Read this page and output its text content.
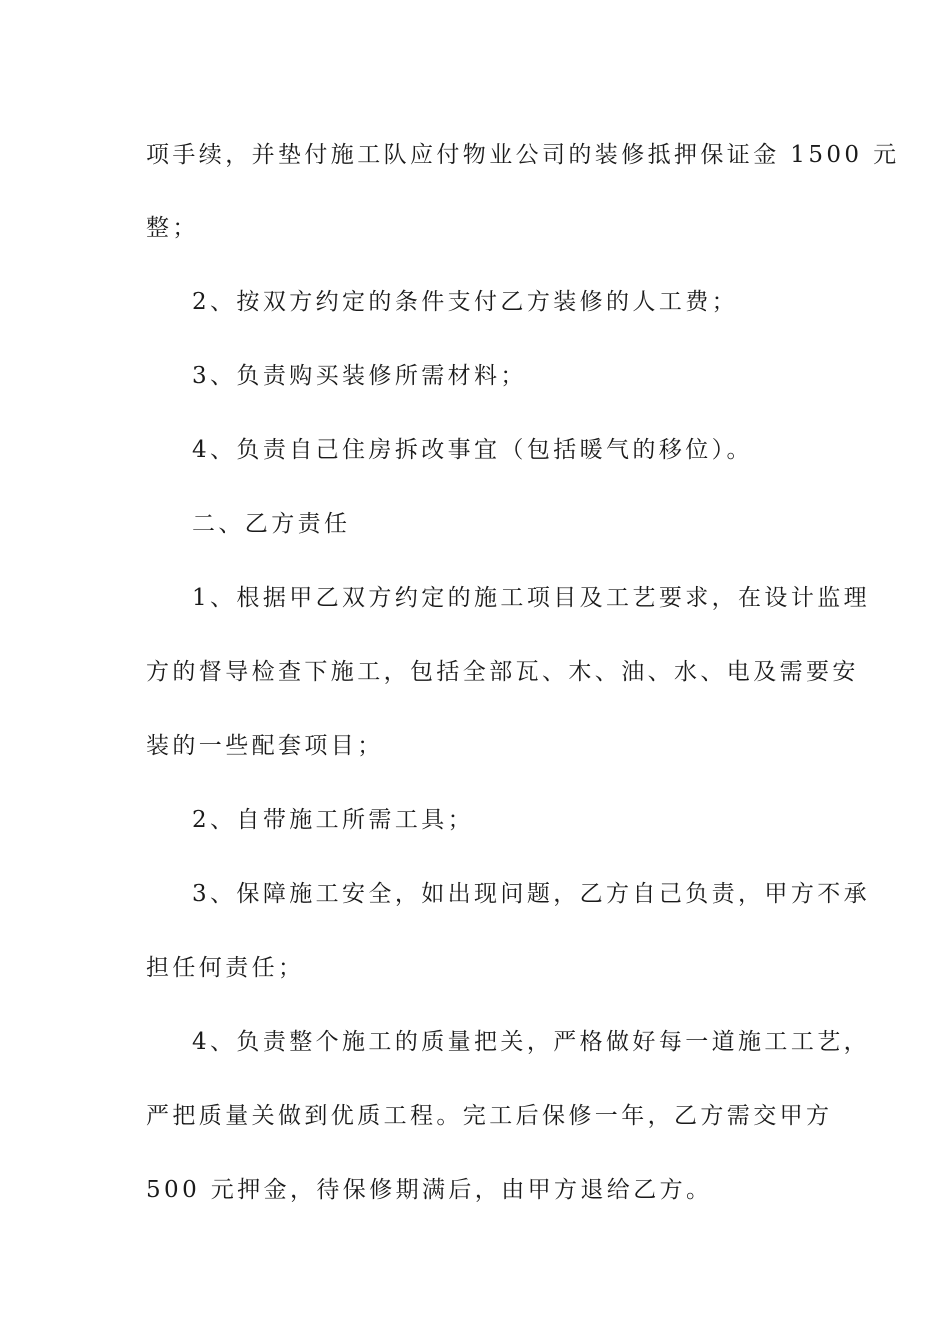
项手续，并垫付施工队应付物业公司的装修抵押保证金 1500 元
整；
2、按双方约定的条件支付乙方装修的人工费；
3、负责购买装修所需材料；
4、负责自己住房拆改事宜（包括暖气的移位）。
二、乙方责任
1、根据甲乙双方约定的施工项目及工艺要求，在设计监理
方的督导检查下施工，包括全部瓦、木、油、水、电及需要安
装的一些配套项目；
2、自带施工所需工具；
3、保障施工安全，如出现问题，乙方自己负责，甲方不承
担任何责任；
4、负责整个施工的质量把关，严格做好每一道施工工艺，
严把质量关做到优质工程。完工后保修一年，乙方需交甲方
500 元押金，待保修期满后，由甲方退给乙方。
